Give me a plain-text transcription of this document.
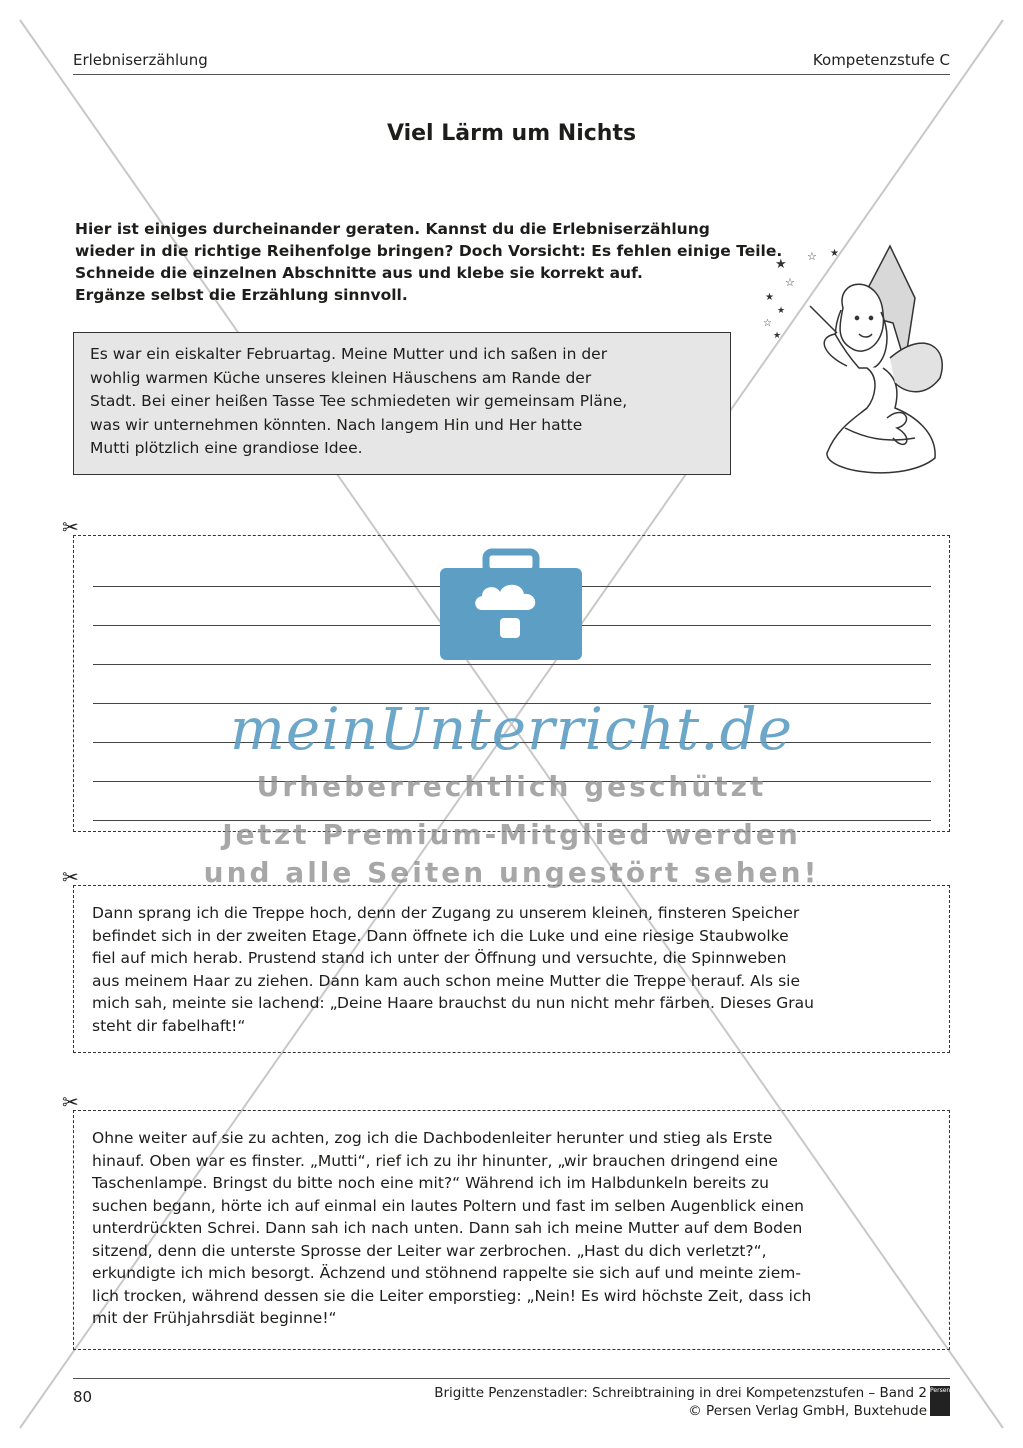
Erlebniserzählung	Kompetenzstufe C
Viel Lärm um Nichts
Hier ist einiges durcheinander geraten. Kannst du die Erlebniserzählung
wieder in die richtige Reihenfolge bringen? Doch Vorsicht: Es fehlen einige Teile.
Schneide die einzelnen Abschnitte aus und klebe sie korrekt auf.
Ergänze selbst die Erzählung sinnvoll.
★
☆ ★
☆
★
★
☆
★
Es war ein eiskalter Februartag. Meine Mutter und ich saßen in der
wohlig warmen Küche unseres kleinen Häuschens am Rande der
Stadt. Bei einer heißen Tasse Tee schmiedeten wir gemeinsam Pläne,
was wir unternehmen könnten. Nach langem Hin und Her hatte
Mutti plötzlich eine grandiose Idee.
✂
✂
Dann sprang ich die Treppe hoch, denn der Zugang zu unserem kleinen, finsteren Speicher
befindet sich in der zweiten Etage. Dann öffnete ich die Luke und eine riesige Staubwolke
fiel auf mich herab. Prustend stand ich unter der Öffnung und versuchte, die Spinnweben
aus meinem Haar zu ziehen. Dann kam auch schon meine Mutter die Treppe herauf. Als sie
mich sah, meinte sie lachend: „Deine Haare brauchst du nun nicht mehr färben. Dieses Grau
steht dir fabelhaft!“
✂
Ohne weiter auf sie zu achten, zog ich die Dachbodenleiter herunter und stieg als Erste
hinauf. Oben war es finster. „Mutti“, rief ich zu ihr hinunter, „wir brauchen dringend eine
Taschenlampe. Bringst du bitte noch eine mit?“ Während ich im Halbdunkeln bereits zu
suchen begann, hörte ich auf einmal ein lautes Poltern und fast im selben Augenblick einen
unterdrückten Schrei. Dann sah ich nach unten. Dann sah ich meine Mutter auf dem Boden
sitzend, denn die unterste Sprosse der Leiter war zerbrochen. „Hast du dich verletzt?“,
erkundigte ich mich besorgt. Ächzend und stöhnend rappelte sie sich auf und meinte ziem-
lich trocken, während dessen sie die Leiter emporstieg: „Nein! Es wird höchste Zeit, dass ich
mit der Frühjahrsdiät beginne!“
meinUnterricht.de
Urheberrechtlich geschützt
Jetzt Premium-Mitglied werden
und alle Seiten ungestört sehen!
80	Brigitte Penzenstadler: Schreibtraining in drei Kompetenzstufen – Band 2
© Persen Verlag GmbH, Buxtehude
Persen
